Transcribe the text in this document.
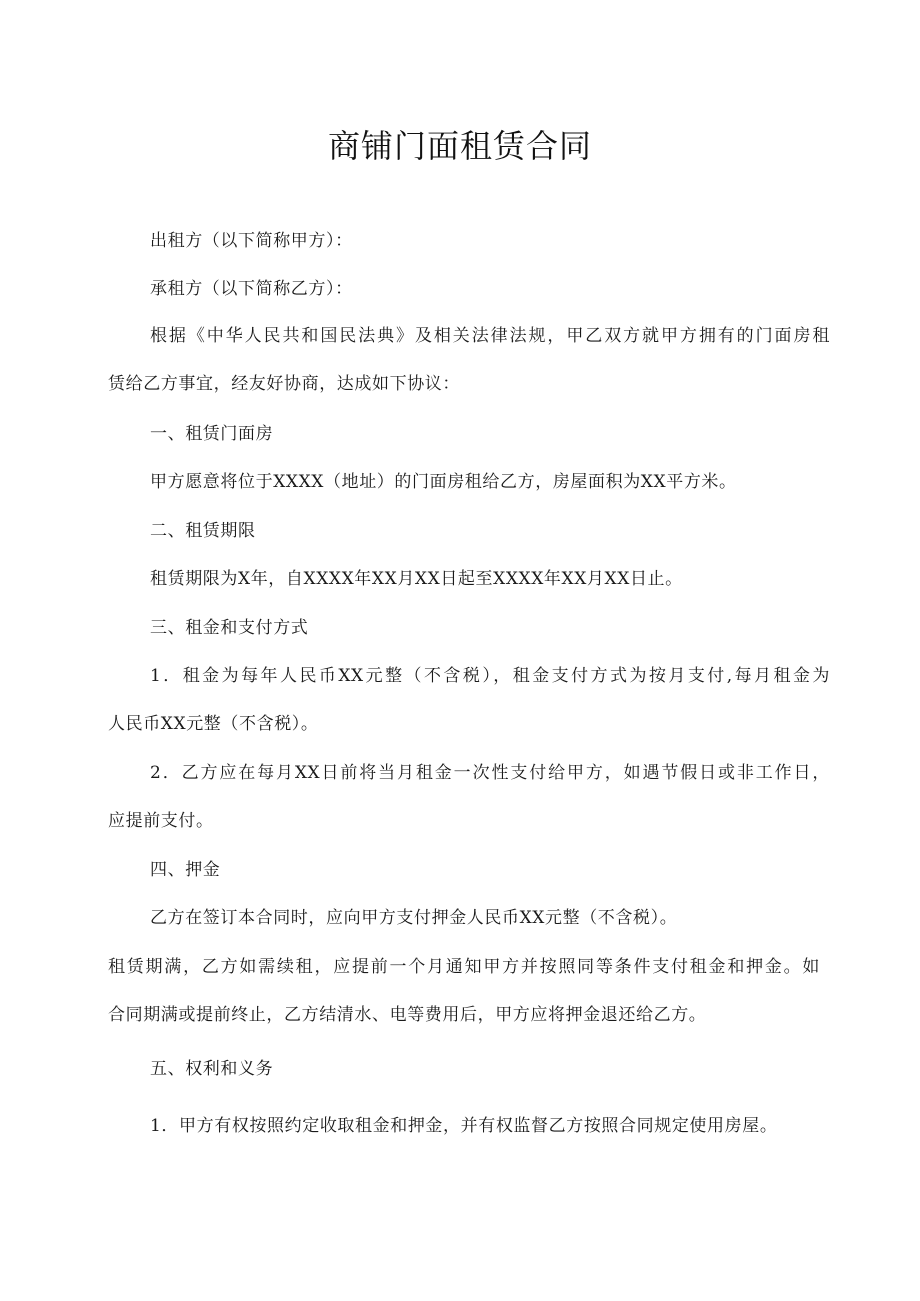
商铺门面租赁合同

出租方（以下简称甲方）：

承租方（以下简称乙方）：

根据《中华人民共和国民法典》及相关法律法规，甲乙双方就甲方拥有的门面房租

赁给乙方事宜，经友好协商，达成如下协议：

一、租赁门面房

甲方愿意将位于XXXX（地址）的门面房租给乙方，房屋面积为XX平方米。

二、租赁期限

租赁期限为X年，自XXXX年XX月XX日起至XXXX年XX月XX日止。

三、租金和支付方式

1．租金为每年人民币XX元整（不含税），租金支付方式为按月支付,每月租金为

人民币XX元整（不含税）。

2．乙方应在每月XX日前将当月租金一次性支付给甲方，如遇节假日或非工作日，

应提前支付。

四、押金

乙方在签订本合同时，应向甲方支付押金人民币XX元整（不含税）。

租赁期满，乙方如需续租，应提前一个月通知甲方并按照同等条件支付租金和押金。如

合同期满或提前终止，乙方结清水、电等费用后，甲方应将押金退还给乙方。

五、权利和义务

1．甲方有权按照约定收取租金和押金，并有权监督乙方按照合同规定使用房屋。
